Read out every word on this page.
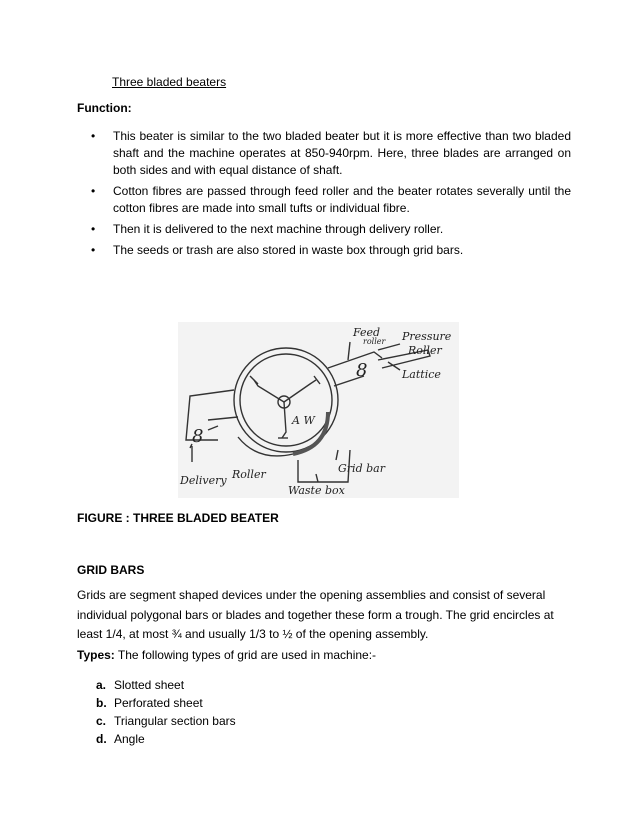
Three bladed beaters
Function:
• This beater is similar to the two bladed beater but it is more effective than two bladed shaft and the machine operates at 850-940rpm. Here, three blades are arranged on both sides and with equal distance of shaft.
• Cotton fibres are passed through feed roller and the beater rotates severally until the cotton fibres are made into small tufts or individual fibre.
• Then it is delivered to the next machine through delivery roller.
• The seeds or trash are also stored in waste box through grid bars.
Feed
roller Pressure
Roller
Lattice
Delivery Roller	Grid bar
Waste box
A W
8
8
FIGURE : THREE BLADED BEATER
GRID BARS
Grids are segment shaped devices under the opening assemblies and consist of several individual polygonal bars or blades and together these form a trough. The grid encircles at least 1/4, at most ¾ and usually 1/3 to ½ of the opening assembly.
Types: The following types of grid are used in machine:-
a. Slotted sheet
b. Perforated sheet
c. Triangular section bars
d. Angle
